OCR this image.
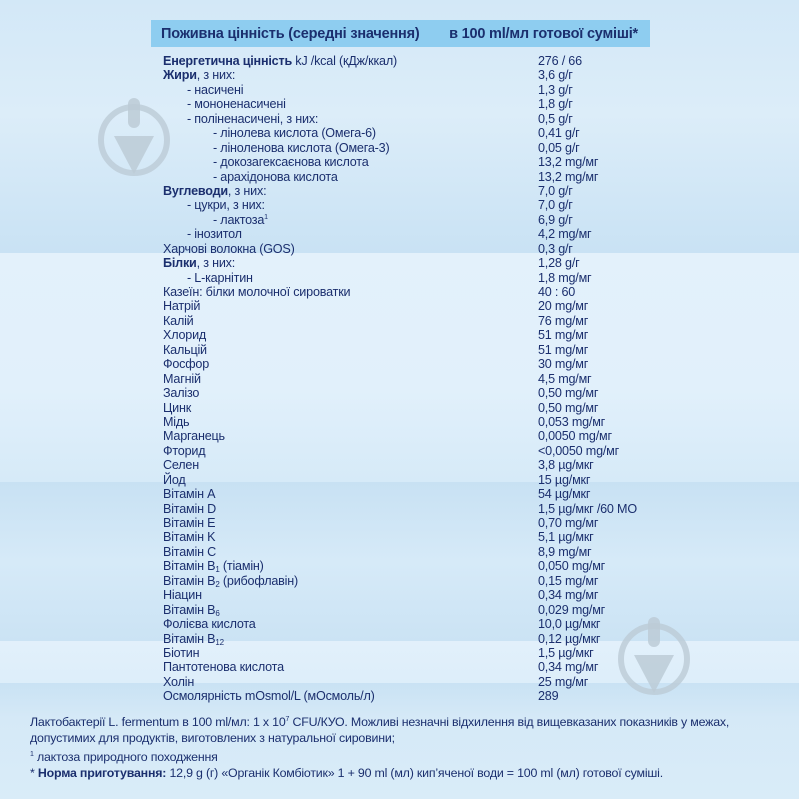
Поживна цінність (середні значення) в 100 ml/мл готової суміші*
Енергетична цінність kJ /kcal (кДж/ккал)	276 / 66
Жири, з них:	3,6 g/г
- насичені	1,3 g/г
- мононенасичені	1,8 g/г
- поліненасичені, з них:	0,5 g/г
- лінолева кислота (Омега-6)	0,41 g/г
- ліноленова кислота (Омега-3)	0,05 g/г
- докозагексаєнова кислота	13,2 mg/мг
- арахідонова кислота	13,2 mg/мг
Вуглеводи, з них:	7,0 g/г
- цукри, з них:	7,0 g/г
- лактоза$^1$	6,9 g/г
- інозитол	4,2 mg/мг
Харчові волокна (GOS)	0,3 g/г
Білки, з них:	1,28 g/г
- L-карнітин	1,8 mg/мг
Казеїн: білки молочної сироватки	40 : 60
Натрій	20 mg/мг
Калій	76 mg/мг
Хлорид	51 mg/мг
Кальцій	51 mg/мг
Фосфор	30 mg/мг
Магній	4,5 mg/мг
Залізо	0,50 mg/мг
Цинк	0,50 mg/мг
Мідь	0,053 mg/мг
Марганець	0,0050 mg/мг
Фторид	<0,0050 mg/мг
Селен	3,8 µg/мкг
Йод	15 µg/мкг
Вітамін A	54 µg/мкг
Вітамін D	1,5 µg/мкг /60 МО
Вітамін E	0,70 mg/мг
Вітамін K	5,1 µg/мкг
Вітамін C	8,9 mg/мг
Вітамін $B_1$ (тіамін)	0,050 mg/мг
Вітамін $B_2$ (рибофлавін)	0,15 mg/мг
Ніацин	0,34 mg/мг
Вітамін $B_6$	0,029 mg/мг
Фолієва кислота	10,0 µg/мкг
Вітамін $B_{12}$	0,12 µg/мкг
Біотин	1,5 µg/мкг
Пантотенова кислота	0,34 mg/мг
Холін	25 mg/мг
Осмолярність mOsmol/L (мОсмоль/л)	289
Лактобактерії L. fermentum в 100 ml/мл: 1 x $10^7$ CFU/КУО. Можливі незначні відхилення від вищевказаних показників у межах,
допустимих для продуктів, виготовлених з натуральної сировини;
$^1$ лактоза природного походження
* Норма приготування: 12,9 g (г) «Органік Комбіотик» 1 + 90 ml (мл) кип’яченої води = 100 ml (мл) готової суміші.
